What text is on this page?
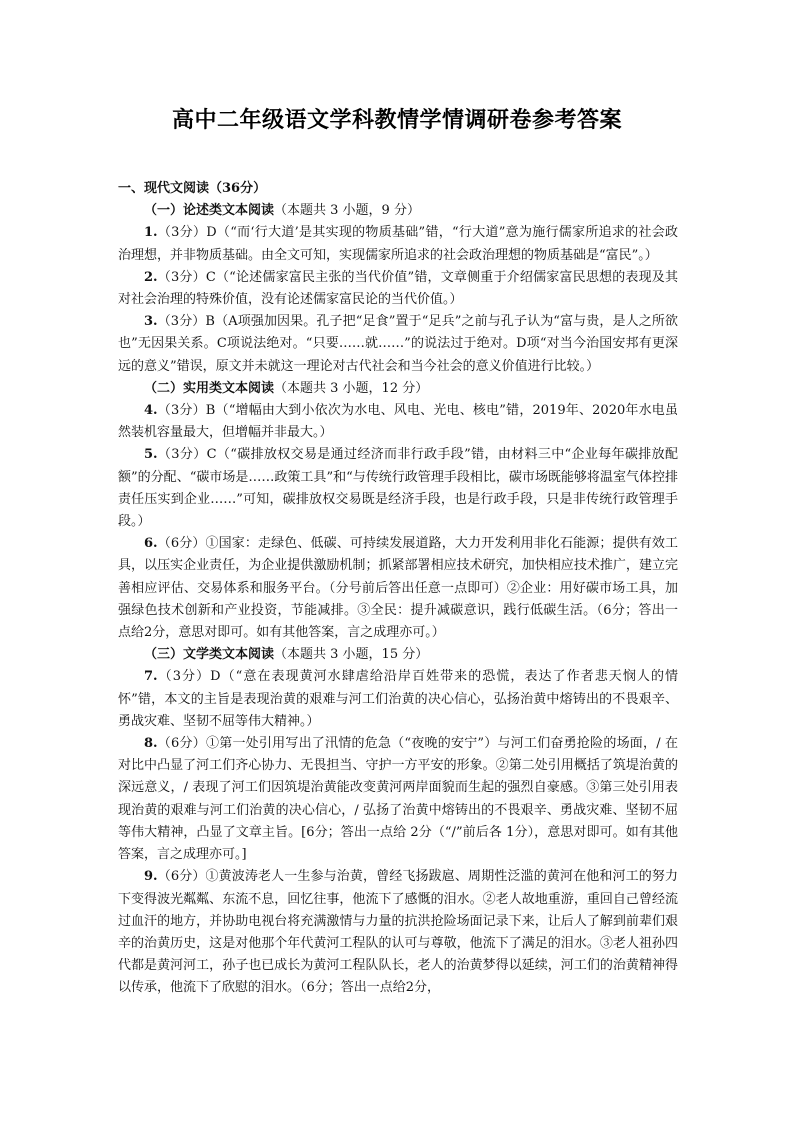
高中二年级语文学科教情学情调研卷参考答案

一、现代文阅读（36分）

（一）论述类文本阅读（本题共 3 小题，9 分）

1.（3分）D（“而‘行大道’是其实现的物质基础”错，“行大道”意为施行儒家所追求的社会政治理想，并非物质基础。由全文可知，实现儒家所追求的社会政治理想的物质基础是“富民”。）

2.（3分）C（“论述儒家富民主张的当代价值”错，文章侧重于介绍儒家富民思想的表现及其对社会治理的特殊价值，没有论述儒家富民论的当代价值。）

3.（3分）B（A项强加因果。孔子把“足食”置于“足兵”之前与孔子认为“富与贵，是人之所欲也”无因果关系。C项说法绝对。“只要……就……”的说法过于绝对。D项“对当今治国安邦有更深远的意义”错误，原文并未就这一理论对古代社会和当今社会的意义价值进行比较。）

（二）实用类文本阅读（本题共 3 小题，12 分）

4.（3分）B（“增幅由大到小依次为水电、风电、光电、核电”错，2019年、2020年水电虽然装机容量最大，但增幅并非最大。）

5.（3分）C（“碳排放权交易是通过经济而非行政手段”错，由材料三中“企业每年碳排放配额”的分配、“碳市场是……政策工具”和“与传统行政管理手段相比，碳市场既能够将温室气体控排责任压实到企业……”可知，碳排放权交易既是经济手段，也是行政手段，只是非传统行政管理手段。）

6.（6分）①国家：走绿色、低碳、可持续发展道路，大力开发利用非化石能源；提供有效工具，以压实企业责任，为企业提供激励机制；抓紧部署相应技术研究，加快相应技术推广，建立完善相应评估、交易体系和服务平台。（分号前后答出任意一点即可）②企业：用好碳市场工具，加强绿色技术创新和产业投资，节能减排。③全民：提升减碳意识，践行低碳生活。（6分；答出一点给2分，意思对即可。如有其他答案，言之成理亦可。）

（三）文学类文本阅读（本题共 3 小题，15 分）

7.（3分）D（“意在表现黄河水肆虐给沿岸百姓带来的恐慌，表达了作者悲天悯人的情怀”错，本文的主旨是表现治黄的艰难与河工们治黄的决心信心，弘扬治黄中熔铸出的不畏艰辛、勇战灾难、坚韧不屈等伟大精神。）

8.（6分）①第一处引用写出了汛情的危急（“夜晚的安宁”）与河工们奋勇抢险的场面，/ 在对比中凸显了河工们齐心协力、无畏担当、守护一方平安的形象。②第二处引用概括了筑堤治黄的深远意义，/ 表现了河工们因筑堤治黄能改变黄河两岸面貌而生起的强烈自豪感。③第三处引用表现治黄的艰难与河工们治黄的决心信心，/ 弘扬了治黄中熔铸出的不畏艰辛、勇战灾难、坚韧不屈等伟大精神，凸显了文章主旨。[6分；答出一点给 2分（“/”前后各 1分），意思对即可。如有其他答案，言之成理亦可。]

9.（6分）①黄波涛老人一生参与治黄，曾经飞扬跋扈、周期性泛滥的黄河在他和河工的努力下变得波光粼粼、东流不息，回忆往事，他流下了感慨的泪水。②老人故地重游，重回自己曾经流过血汗的地方，并协助电视台将充满激情与力量的抗洪抢险场面记录下来，让后人了解到前辈们艰辛的治黄历史，这是对他那个年代黄河工程队的认可与尊敬，他流下了满足的泪水。③老人祖孙四代都是黄河河工，孙子也已成长为黄河工程队队长，老人的治黄梦得以延续，河工们的治黄精神得以传承，他流下了欣慰的泪水。（6分；答出一点给2分，
